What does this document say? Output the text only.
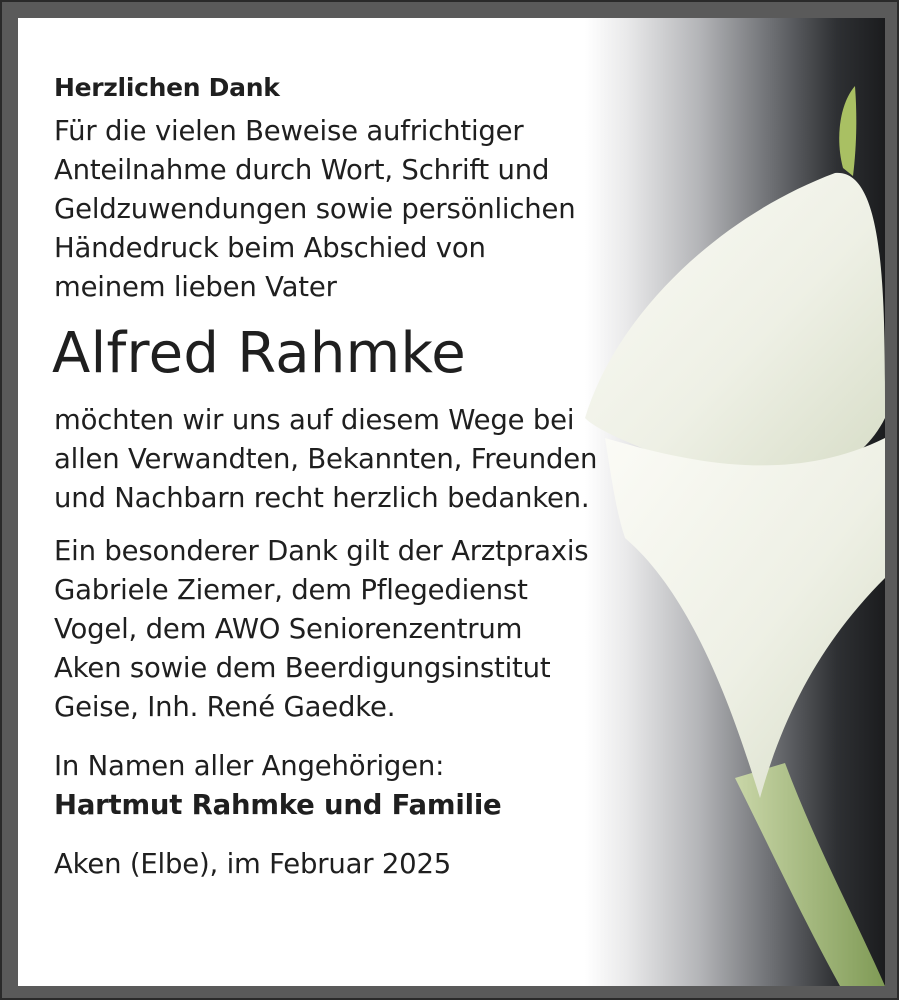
Herzlichen Dank
Für die vielen Beweise aufrichtiger
Anteilnahme durch Wort, Schrift und
Geldzuwendungen sowie persönlichen
Händedruck beim Abschied von
meinem lieben Vater
Alfred Rahmke
möchten wir uns auf diesem Wege bei
allen Verwandten, Bekannten, Freunden
und Nachbarn recht herzlich bedanken.
Ein besonderer Dank gilt der Arztpraxis
Gabriele Ziemer, dem Pflegedienst
Vogel, dem AWO Seniorenzentrum
Aken sowie dem Beerdigungsinstitut
Geise, Inh. René Gaedke.
In Namen aller Angehörigen:
Hartmut Rahmke und Familie
Aken (Elbe), im Februar 2025
